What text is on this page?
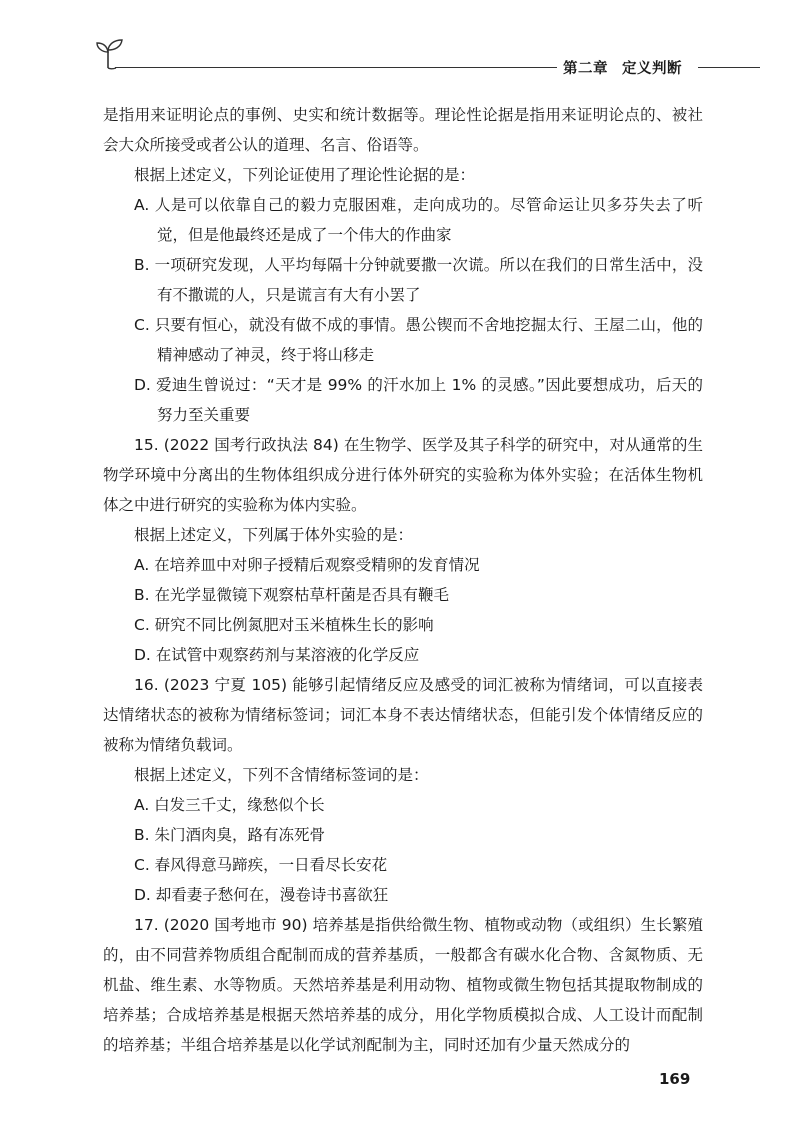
第二章 定义判断

是指用来证明论点的事例、史实和统计数据等。理论性论据是指用来证明论点的、被社会大众所接受或者公认的道理、名言、俗语等。

根据上述定义，下列论证使用了理论性论据的是：

A. 人是可以依靠自己的毅力克服困难，走向成功的。尽管命运让贝多芬失去了听觉，但是他最终还是成了一个伟大的作曲家

B. 一项研究发现，人平均每隔十分钟就要撒一次谎。所以在我们的日常生活中，没有不撒谎的人，只是谎言有大有小罢了

C. 只要有恒心，就没有做不成的事情。愚公锲而不舍地挖掘太行、王屋二山，他的精神感动了神灵，终于将山移走

D. 爱迪生曾说过：“天才是 99% 的汗水加上 1% 的灵感。”因此要想成功，后天的努力至关重要

15. (2022 国考行政执法 84) 在生物学、医学及其子科学的研究中，对从通常的生物学环境中分离出的生物体组织成分进行体外研究的实验称为体外实验；在活体生物机体之中进行研究的实验称为体内实验。

根据上述定义，下列属于体外实验的是：

A. 在培养皿中对卵子授精后观察受精卵的发育情况

B. 在光学显微镜下观察枯草杆菌是否具有鞭毛

C. 研究不同比例氮肥对玉米植株生长的影响

D. 在试管中观察药剂与某溶液的化学反应

16. (2023 宁夏 105) 能够引起情绪反应及感受的词汇被称为情绪词，可以直接表达情绪状态的被称为情绪标签词；词汇本身不表达情绪状态，但能引发个体情绪反应的被称为情绪负载词。

根据上述定义，下列不含情绪标签词的是：

A. 白发三千丈，缘愁似个长

B. 朱门酒肉臭，路有冻死骨

C. 春风得意马蹄疾，一日看尽长安花

D. 却看妻子愁何在，漫卷诗书喜欲狂

17. (2020 国考地市 90) 培养基是指供给微生物、植物或动物（或组织）生长繁殖的，由不同营养物质组合配制而成的营养基质，一般都含有碳水化合物、含氮物质、无机盐、维生素、水等物质。天然培养基是利用动物、植物或微生物包括其提取物制成的培养基；合成培养基是根据天然培养基的成分，用化学物质模拟合成、人工设计而配制的培养基；半组合培养基是以化学试剂配制为主，同时还加有少量天然成分的

169
